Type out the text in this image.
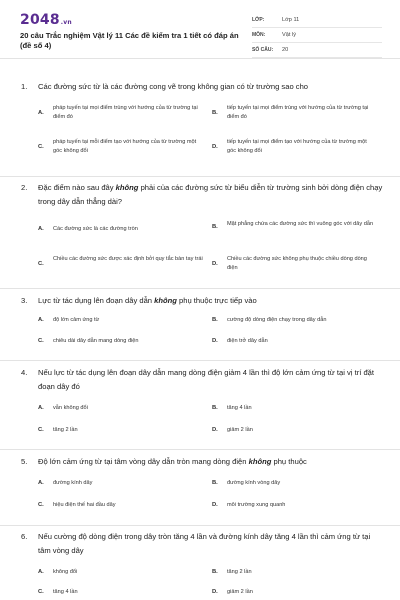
2048.vn
20 câu Trắc nghiệm Vật lý 11 Các đề kiểm tra 1 tiết có đáp án (đề số 4)
LỚP:	Lớp 11
MÔN:	Vật lý
SỐ CÂU:	20
1. Các đường sức từ là các đường cong vẽ trong không gian có từ trường sao cho
A.
pháp tuyến tại mọi điểm trùng với hướng của từ trường tại điểm đó
B.
tiếp tuyến tại mọi điểm trùng với hướng của từ trường tại điểm đó
C.
pháp tuyến tại mỗi điểm tạo với hướng của từ trường một góc không đổi
D.
tiếp tuyến tại mọi điểm tạo với hướng của từ trường một góc không đổi
2. Đặc điểm nào sau đây không phải của các đường sức từ biểu diễn từ trường sinh bởi dòng điện chạy trong dây dẫn thẳng dài?
A. Các đường sức là các đường tròn	B. Mặt phẳng chứa các đường sức thì vuông góc với dây dẫn
C.
Chiều các đường sức được xác định bởi quy tắc bàn tay trái
D.
Chiều các đường sức không phụ thuộc chiều dòng dòng điện
3. Lực từ tác dụng lên đoạn dây dẫn không phụ thuộc trực tiếp vào
A. độ lớn cảm ứng từ	B. cường độ dòng điện chạy trong dây dẫn
C. chiêu dài dây dẫn mang dòng điện	D. điện trở dây dẫn
4. Nếu lực từ tác dụng lên đoạn dây dẫn mang dòng điện giảm 4 lần thì độ lớn cảm ứng từ tại vị trí đặt đoạn dây đó
A. vẫn không đổi	B. tăng 4 lần
C. tăng 2 lần	D. giảm 2 lần
5. Độ lớn cảm ứng từ tại tâm vòng dây dẫn tròn mang dòng điện không phụ thuộc
A. đường kính dây	B. đường kính vòng dây
C. hiệu điện thế hai đầu dây	D. môi trường xung quanh
6. Nếu cường độ dòng điện trong dây tròn tăng 4 lần và đường kính dây tăng 4 lần thì cảm ứng từ tại tâm vòng dây
A. không đổi	B. tăng 2 lần
C. tăng 4 lần	D. giảm 2 lần
